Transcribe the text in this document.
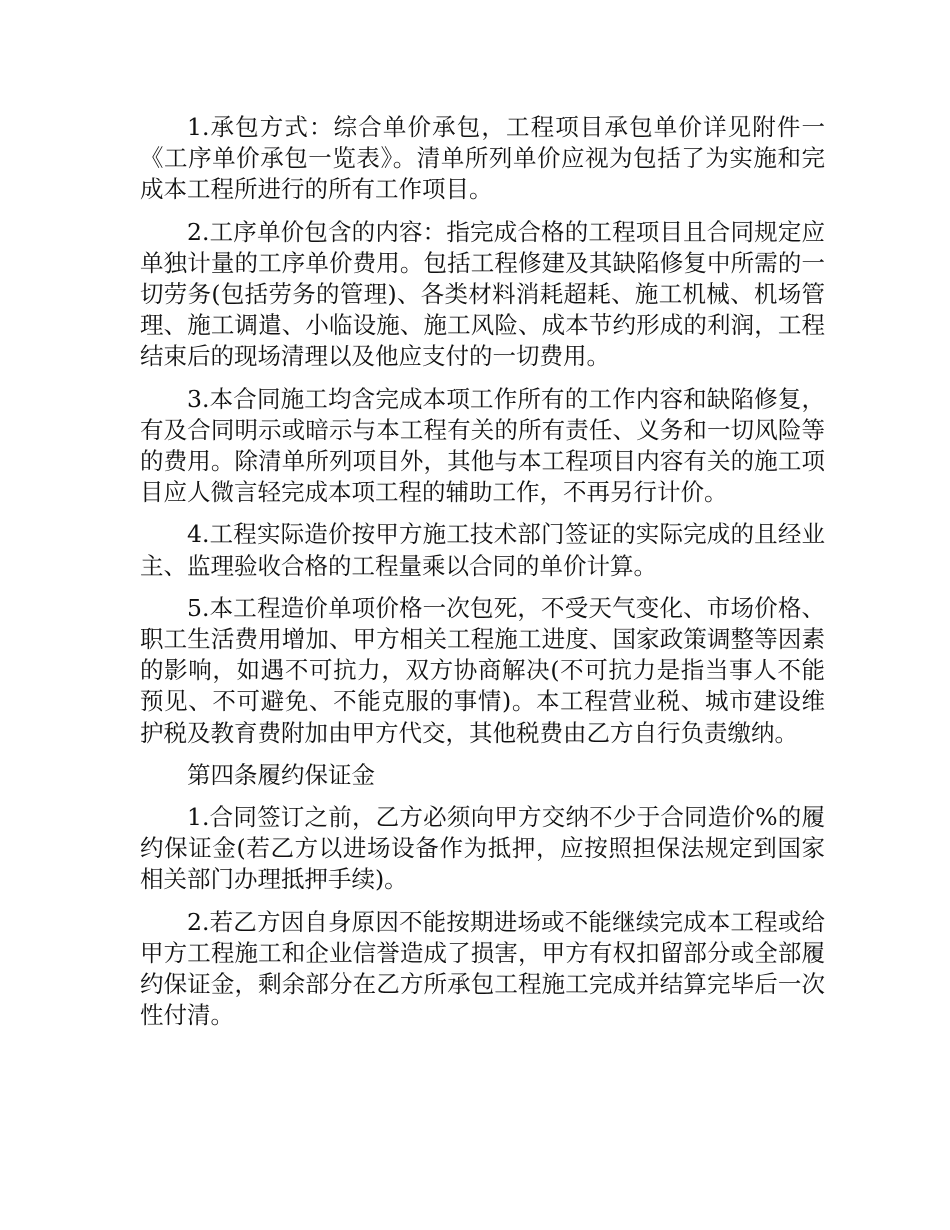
1.承包方式：综合单价承包，工程项目承包单价详见附件一《工序单价承包一览表》。清单所列单价应视为包括了为实施和完成本工程所进行的所有工作项目。

2.工序单价包含的内容：指完成合格的工程项目且合同规定应单独计量的工序单价费用。包括工程修建及其缺陷修复中所需的一切劳务(包括劳务的管理)、各类材料消耗超耗、施工机械、机场管理、施工调遣、小临设施、施工风险、成本节约形成的利润，工程结束后的现场清理以及他应支付的一切费用。

3.本合同施工均含完成本项工作所有的工作内容和缺陷修复，有及合同明示或暗示与本工程有关的所有责任、义务和一切风险等的费用。除清单所列项目外，其他与本工程项目内容有关的施工项目应人微言轻完成本项工程的辅助工作，不再另行计价。

4.工程实际造价按甲方施工技术部门签证的实际完成的且经业主、监理验收合格的工程量乘以合同的单价计算。

5.本工程造价单项价格一次包死，不受天气变化、市场价格、职工生活费用增加、甲方相关工程施工进度、国家政策调整等因素的影响，如遇不可抗力，双方协商解决(不可抗力是指当事人不能预见、不可避免、不能克服的事情)。本工程营业税、城市建设维护税及教育费附加由甲方代交，其他税费由乙方自行负责缴纳。

第四条履约保证金

1.合同签订之前，乙方必须向甲方交纳不少于合同造价%的履约保证金(若乙方以进场设备作为抵押，应按照担保法规定到国家相关部门办理抵押手续)。

2.若乙方因自身原因不能按期进场或不能继续完成本工程或给甲方工程施工和企业信誉造成了损害，甲方有权扣留部分或全部履约保证金，剩余部分在乙方所承包工程施工完成并结算完毕后一次性付清。
